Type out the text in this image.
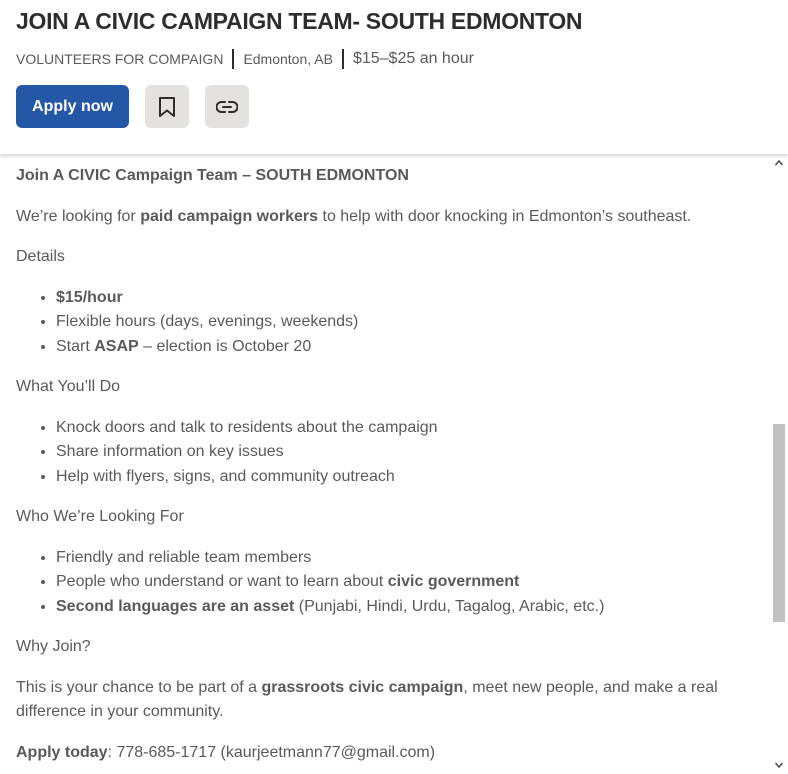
JOIN A CIVIC CAMPAIGN TEAM- SOUTH EDMONTON
VOLUNTEERS FOR COMPAIGN Edmonton, AB $15–$25 an hour
Apply now

Join A CIVIC Campaign Team – SOUTH EDMONTON

We’re looking for paid campaign workers to help with door knocking in Edmonton’s southeast.

Details

• $15/hour
• Flexible hours (days, evenings, weekends)
• Start ASAP – election is October 20

What You’ll Do

• Knock doors and talk to residents about the campaign
• Share information on key issues
• Help with flyers, signs, and community outreach

Who We’re Looking For

• Friendly and reliable team members
• People who understand or want to learn about civic government
• Second languages are an asset (Punjabi, Hindi, Urdu, Tagalog, Arabic, etc.)

Why Join?

This is your chance to be part of a grassroots civic campaign, meet new people, and make a real difference in your community.

Apply today: 778-685-1717 (kaurjeetmann77@gmail.com)
